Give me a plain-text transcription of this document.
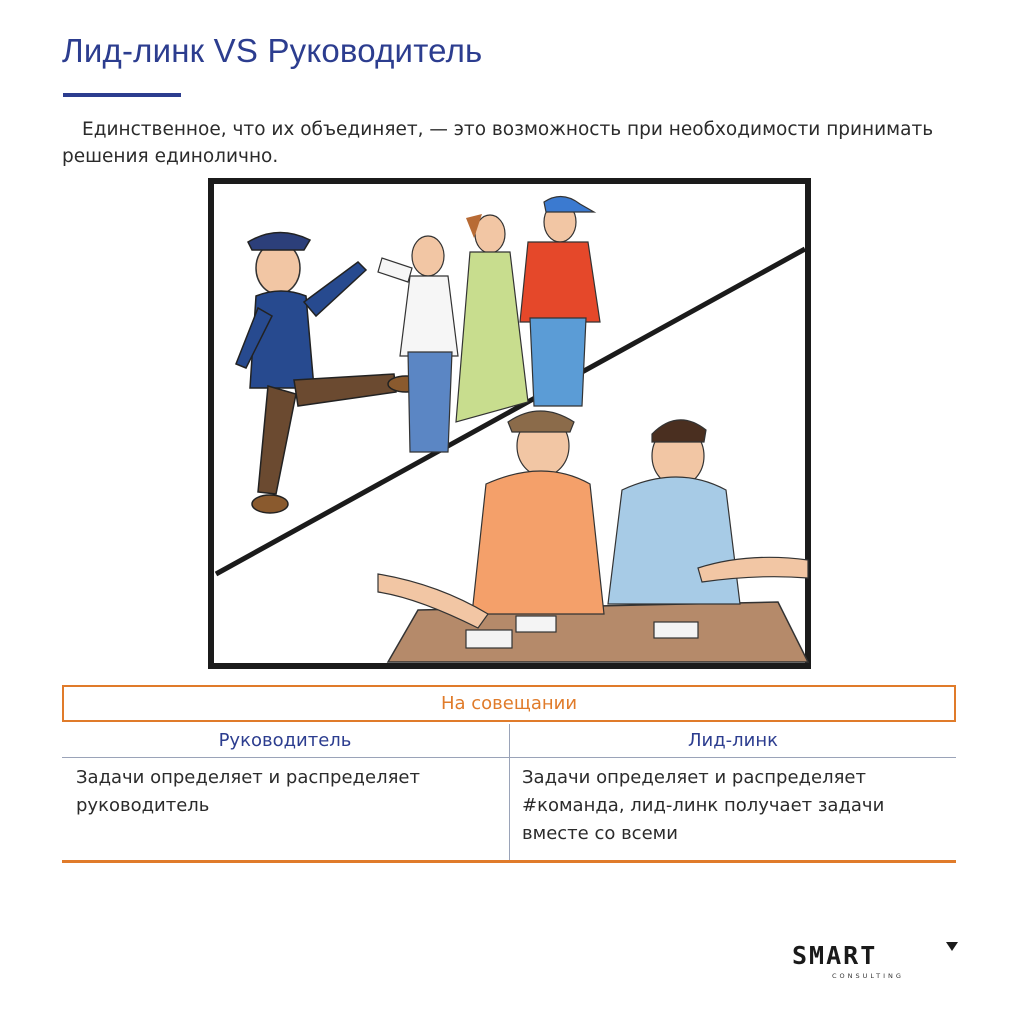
Лид-линк VS Руководитель

Единственное, что их объединяет, — это возможность при необходимости принимать решения единолично.

На совещании
Руководитель	Лид-линк

Задачи определяет и распределяет руководитель

Задачи определяет и распределяет #команда, лид-линк получает задачи вместе со всеми

SMART
CONSULTING
